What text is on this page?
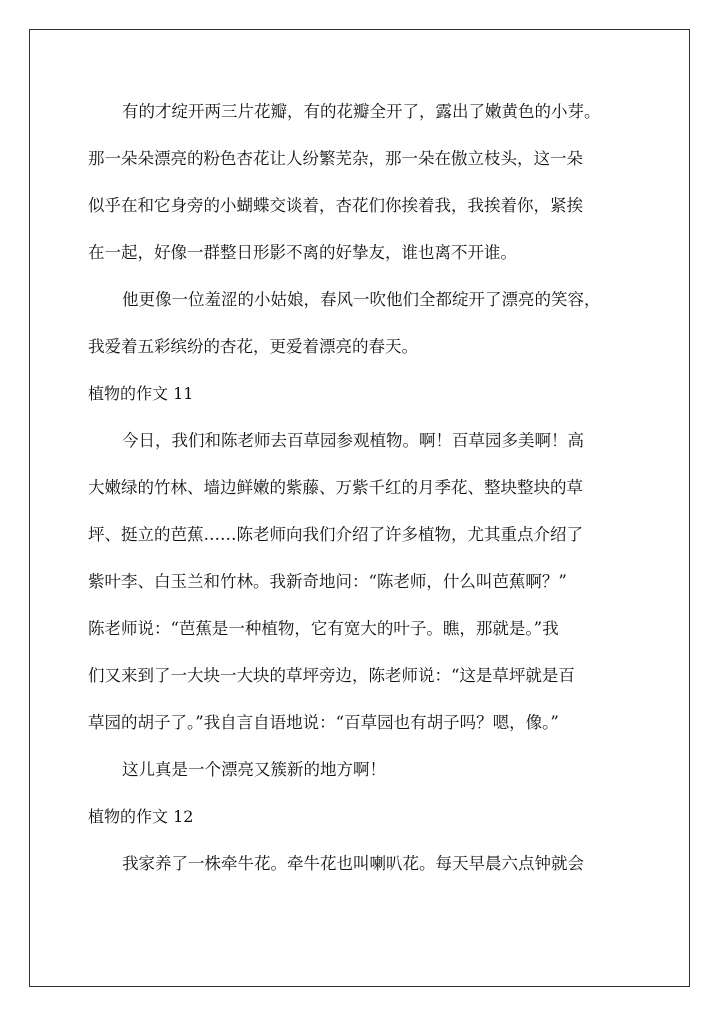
有的才绽开两三片花瓣，有的花瓣全开了，露出了嫩黄色的小芽。
那一朵朵漂亮的粉色杏花让人纷繁芜杂，那一朵在傲立枝头，这一朵
似乎在和它身旁的小蝴蝶交谈着，杏花们你挨着我，我挨着你，紧挨
在一起，好像一群整日形影不离的好挚友，谁也离不开谁。
他更像一位羞涩的小姑娘，春风一吹他们全都绽开了漂亮的笑容，
我爱着五彩缤纷的杏花，更爱着漂亮的春天。
植物的作文 11
今日，我们和陈老师去百草园参观植物。啊！百草园多美啊！高
大嫩绿的竹林、墙边鲜嫩的紫藤、万紫千红的月季花、整块整块的草
坪、挺立的芭蕉……陈老师向我们介绍了许多植物，尤其重点介绍了
紫叶李、白玉兰和竹林。我新奇地问：“陈老师，什么叫芭蕉啊？”
陈老师说：“芭蕉是一种植物，它有宽大的叶子。瞧，那就是。”我
们又来到了一大块一大块的草坪旁边，陈老师说：“这是草坪就是百
草园的胡子了。”我自言自语地说：“百草园也有胡子吗？嗯，像。”
这儿真是一个漂亮又簇新的地方啊！
植物的作文 12
我家养了一株牵牛花。牵牛花也叫喇叭花。每天早晨六点钟就会
